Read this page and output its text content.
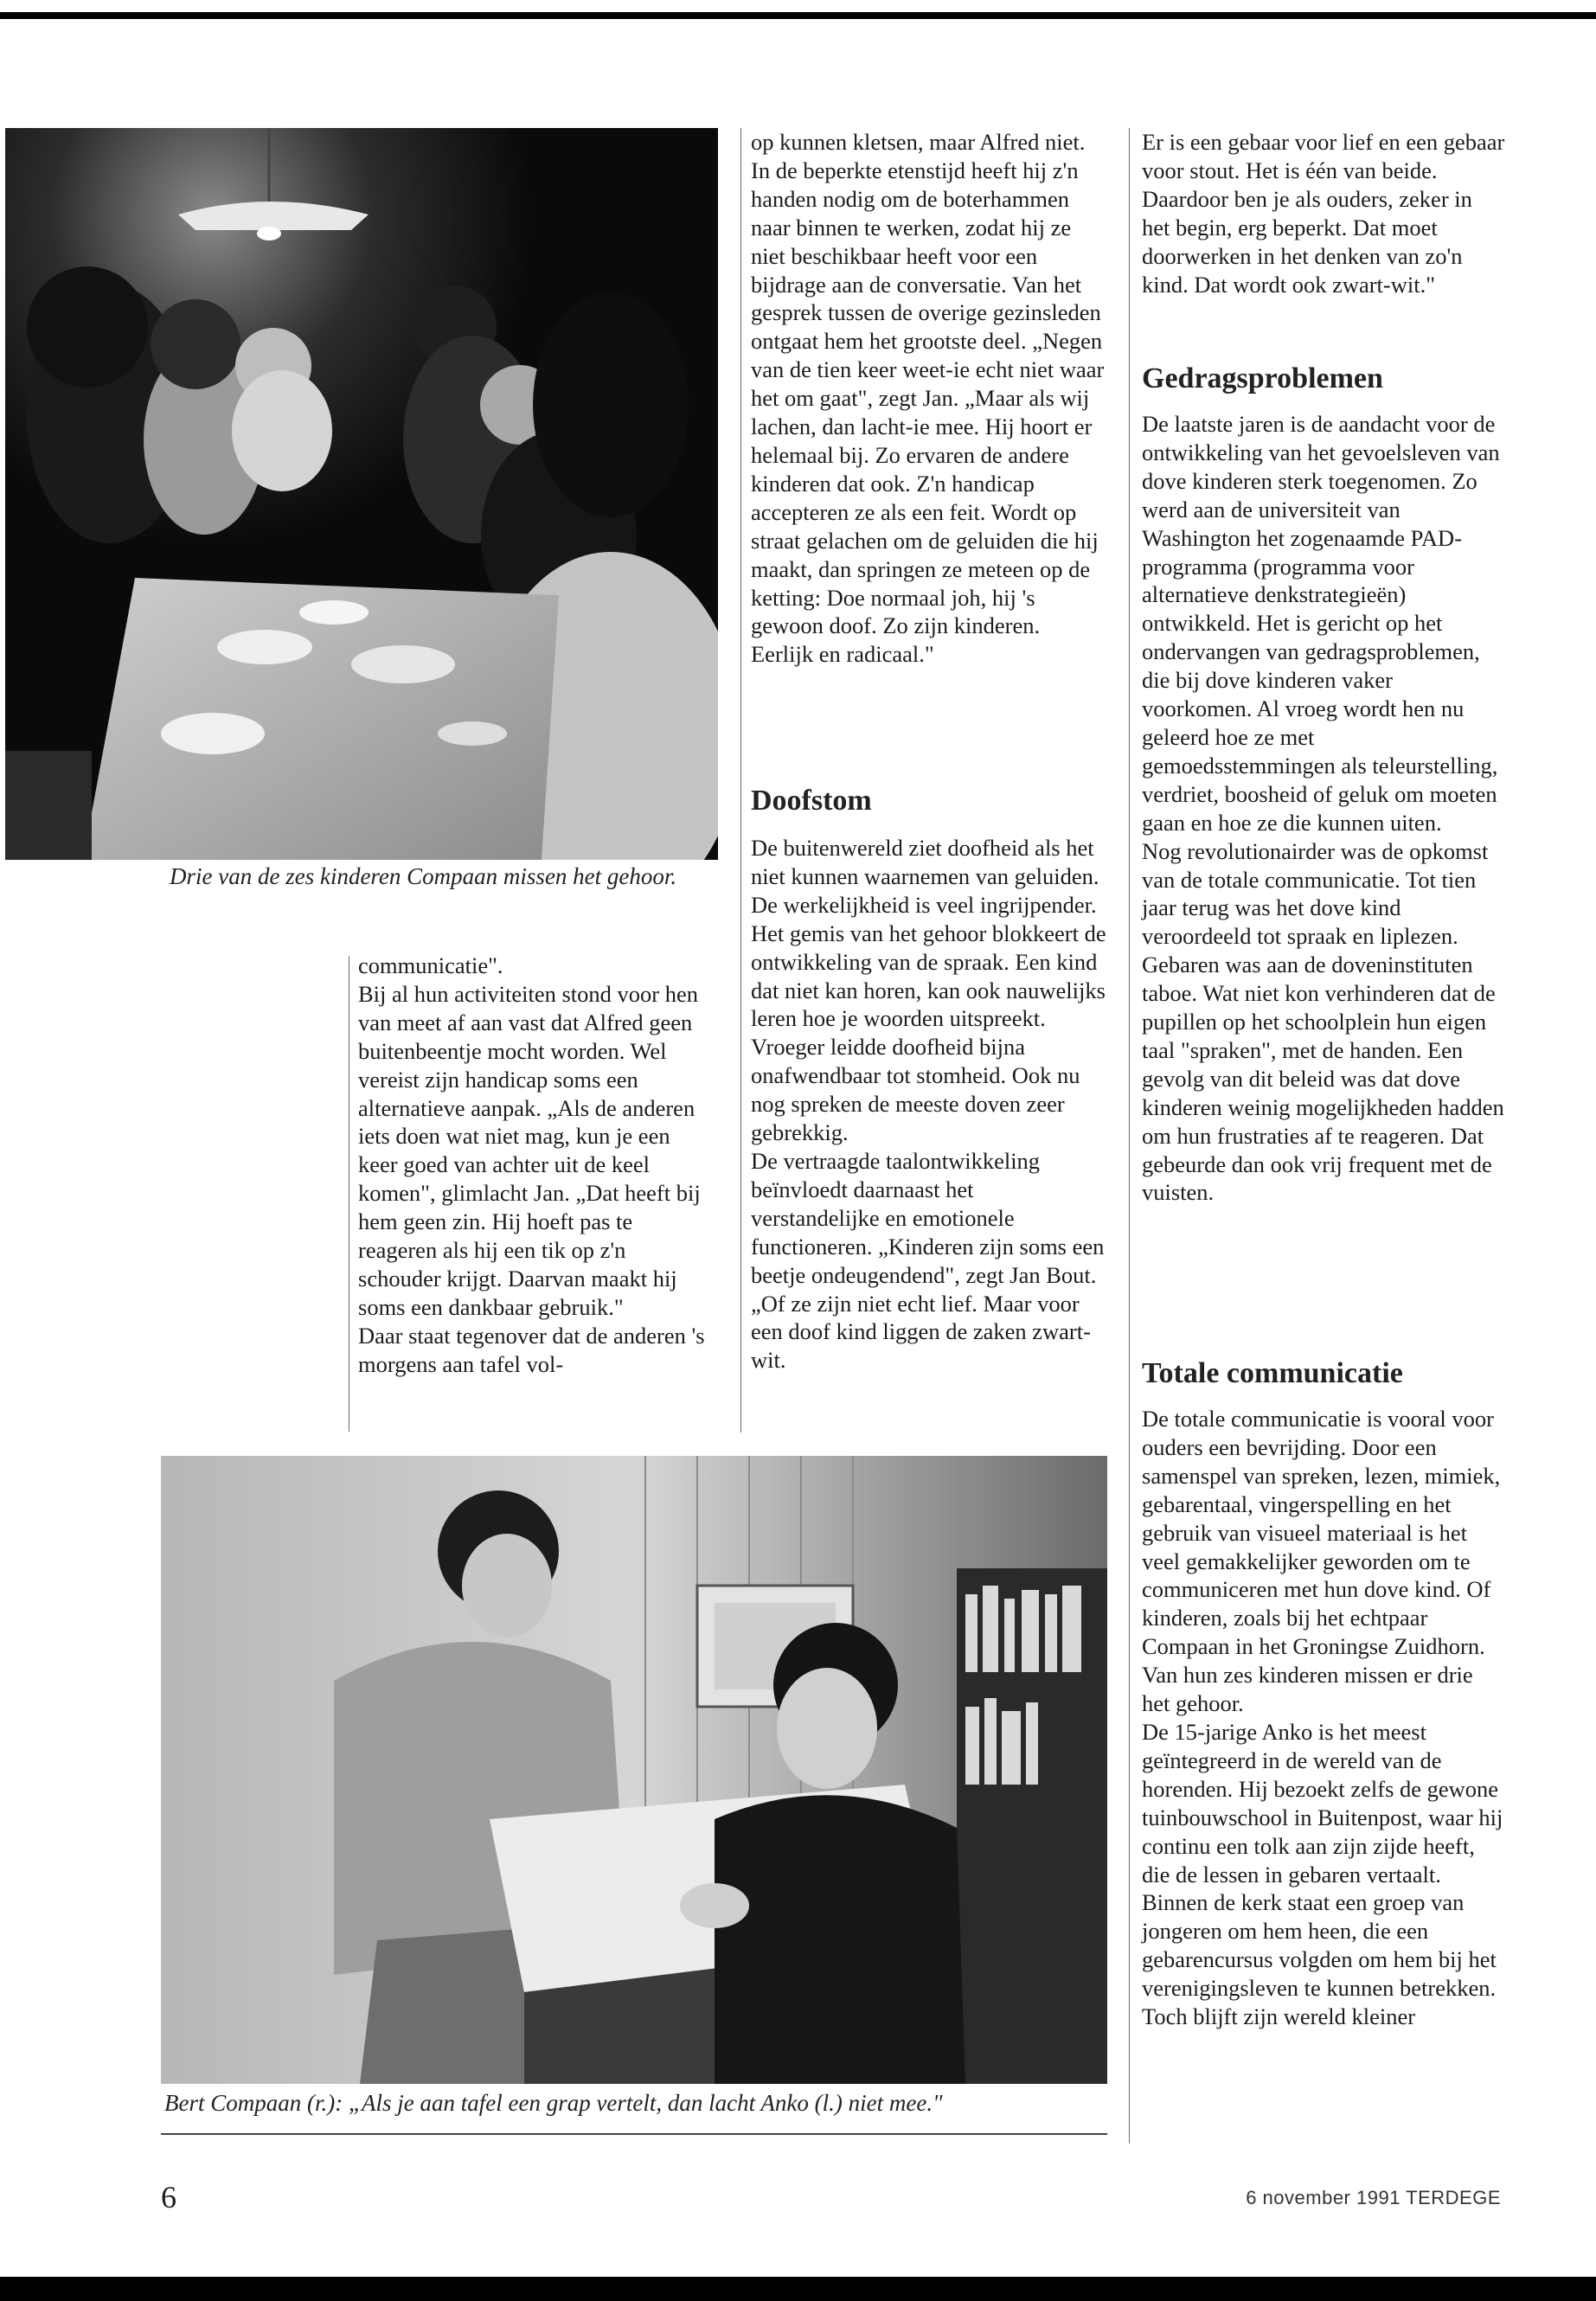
Drie van de zes kinderen Compaan missen het gehoor.

communicatie".

Bij al hun activiteiten stond voor hen van meet af aan vast dat Alfred geen buitenbeentje mocht worden. Wel vereist zijn handicap soms een alternatieve aanpak. „Als de anderen iets doen wat niet mag, kun je een keer goed van achter uit de keel komen", glimlacht Jan. „Dat heeft bij hem geen zin. Hij hoeft pas te reageren als hij een tik op z'n schouder krijgt. Daarvan maakt hij soms een dankbaar gebruik."

Daar staat tegenover dat de anderen 's morgens aan tafel vol-

op kunnen kletsen, maar Alfred niet. In de beperkte etenstijd heeft hij z'n handen nodig om de boterhammen naar binnen te werken, zodat hij ze niet beschikbaar heeft voor een bijdrage aan de conversatie. Van het gesprek tussen de overige gezinsleden ontgaat hem het grootste deel. „Negen van de tien keer weet-ie echt niet waar het om gaat", zegt Jan. „Maar als wij lachen, dan lacht-ie mee. Hij hoort er helemaal bij. Zo ervaren de andere kinderen dat ook. Z'n handicap accepteren ze als een feit. Wordt op straat gelachen om de geluiden die hij maakt, dan springen ze meteen op de ketting: Doe normaal joh, hij 's gewoon doof. Zo zijn kinderen. Eerlijk en radicaal."

Doofstom

De buitenwereld ziet doofheid als het niet kunnen waarnemen van geluiden. De werkelijkheid is veel ingrijpender. Het gemis van het gehoor blokkeert de ontwikkeling van de spraak. Een kind dat niet kan horen, kan ook nauwelijks leren hoe je woorden uitspreekt. Vroeger leidde doofheid bijna onafwendbaar tot stomheid. Ook nu nog spreken de meeste doven zeer gebrekkig.

De vertraagde taalontwikkeling beïnvloedt daarnaast het verstandelijke en emotionele functioneren. „Kinderen zijn soms een beetje ondeugendend", zegt Jan Bout. „Of ze zijn niet echt lief. Maar voor een doof kind liggen de zaken zwart-wit.

Er is een gebaar voor lief en een gebaar voor stout. Het is één van beide. Daardoor ben je als ouders, zeker in het begin, erg beperkt. Dat moet doorwerken in het denken van zo'n kind. Dat wordt ook zwart-wit."

Gedragsproblemen

De laatste jaren is de aandacht voor de ontwikkeling van het gevoelsleven van dove kinderen sterk toegenomen. Zo werd aan de universiteit van Washington het zogenaamde PAD-programma (programma voor alternatieve denkstrategieën) ontwikkeld. Het is gericht op het ondervangen van gedragsproblemen, die bij dove kinderen vaker voorkomen. Al vroeg wordt hen nu geleerd hoe ze met gemoedsstemmingen als teleurstelling, verdriet, boosheid of geluk om moeten gaan en hoe ze die kunnen uiten.

Nog revolutionairder was de opkomst van de totale communicatie. Tot tien jaar terug was het dove kind veroordeeld tot spraak en liplezen. Gebaren was aan de doveninstituten taboe. Wat niet kon verhinderen dat de pupillen op het schoolplein hun eigen taal "spraken", met de handen. Een gevolg van dit beleid was dat dove kinderen weinig mogelijkheden hadden om hun frustraties af te reageren. Dat gebeurde dan ook vrij frequent met de vuisten.

Totale communicatie

De totale communicatie is vooral voor ouders een bevrijding. Door een samenspel van spreken, lezen, mimiek, gebarentaal, vingerspelling en het gebruik van visueel materiaal is het veel gemakkelijker geworden om te communiceren met hun dove kind. Of kinderen, zoals bij het echtpaar Compaan in het Groningse Zuidhorn. Van hun zes kinderen missen er drie het gehoor.

De 15-jarige Anko is het meest geïntegreerd in de wereld van de horenden. Hij bezoekt zelfs de gewone tuinbouwschool in Buitenpost, waar hij continu een tolk aan zijn zijde heeft, die de lessen in gebaren vertaalt. Binnen de kerk staat een groep van jongeren om hem heen, die een gebarencursus volgden om hem bij het verenigingsleven te kunnen betrekken.

Toch blijft zijn wereld kleiner

Bert Compaan (r.): „Als je aan tafel een grap vertelt, dan lacht Anko (l.) niet mee."
6	6 november 1991 TERDEGE
